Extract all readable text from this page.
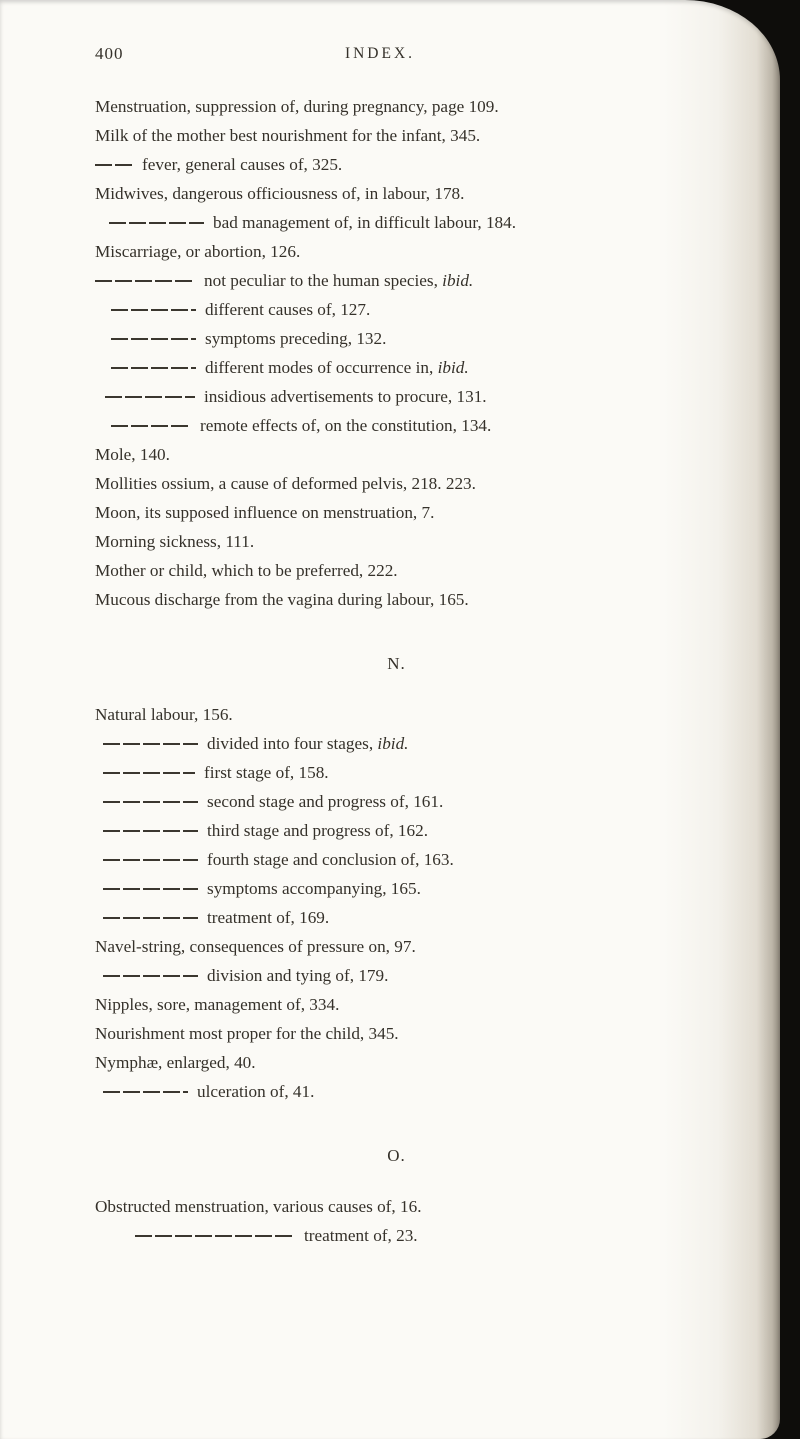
400	INDEX.
Menstruation, suppression of, during pregnancy, page 109.
Milk of the mother best nourishment for the infant, 345.
fever, general causes of, 325.
Midwives, dangerous officiousness of, in labour, 178.
bad management of, in difficult labour, 184.
Miscarriage, or abortion, 126.
not peculiar to the human species, ibid.
different causes of, 127.
symptoms preceding, 132.
different modes of occurrence in, ibid.
insidious advertisements to procure, 131.
remote effects of, on the constitution, 134.
Mole, 140.
Mollities ossium, a cause of deformed pelvis, 218. 223.
Moon, its supposed influence on menstruation, 7.
Morning sickness, 111.
Mother or child, which to be preferred, 222.
Mucous discharge from the vagina during labour, 165.
N.
Natural labour, 156.
divided into four stages, ibid.
first stage of, 158.
second stage and progress of, 161.
third stage and progress of, 162.
fourth stage and conclusion of, 163.
symptoms accompanying, 165.
treatment of, 169.
Navel-string, consequences of pressure on, 97.
division and tying of, 179.
Nipples, sore, management of, 334.
Nourishment most proper for the child, 345.
Nymphæ, enlarged, 40.
ulceration of, 41.
O.
Obstructed menstruation, various causes of, 16.
treatment of, 23.
